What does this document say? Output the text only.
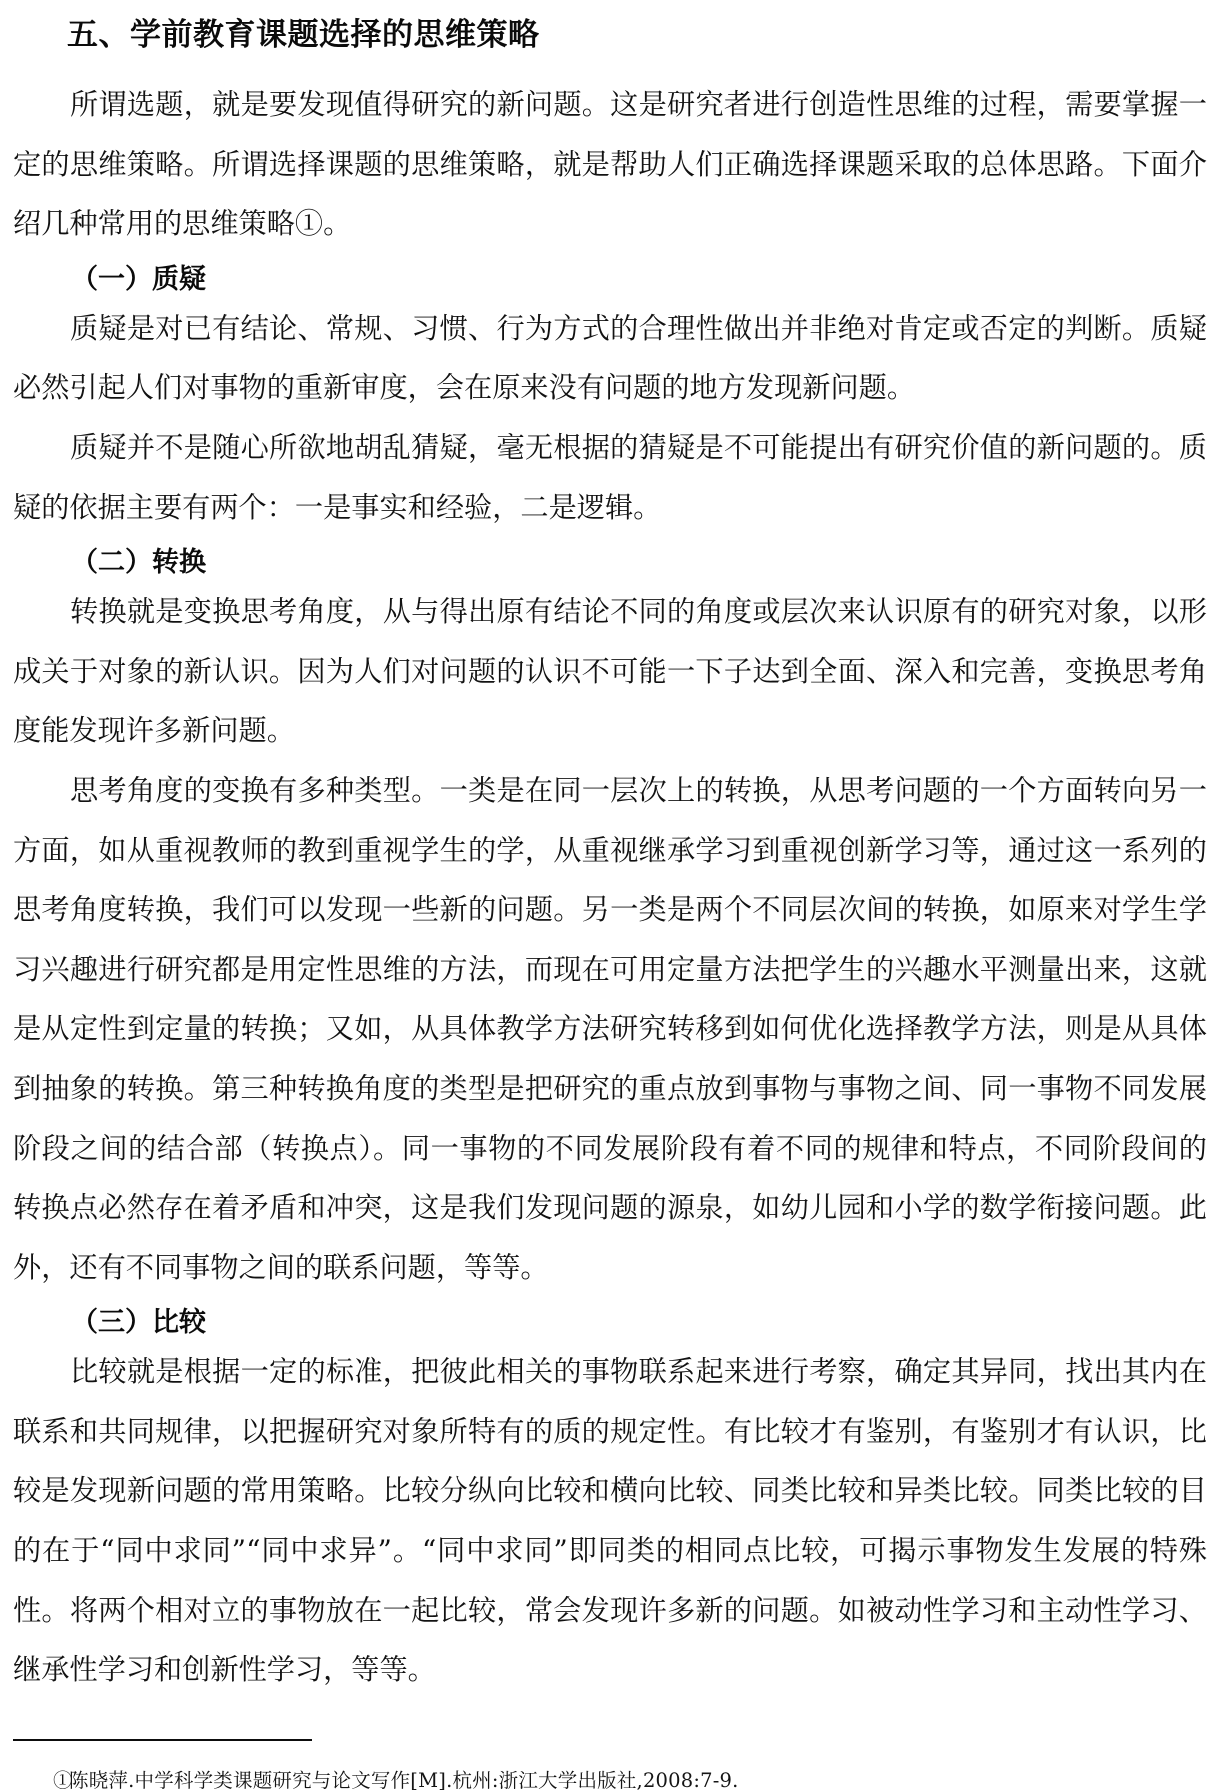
五、学前教育课题选择的思维策略

所谓选题，就是要发现值得研究的新问题。这是研究者进行创造性思维的过程，需要掌握一定的思维策略。所谓选择课题的思维策略，就是帮助人们正确选择课题采取的总体思路。下面介绍几种常用的思维策略①。

（一）质疑

质疑是对已有结论、常规、习惯、行为方式的合理性做出并非绝对肯定或否定的判断。质疑必然引起人们对事物的重新审度，会在原来没有问题的地方发现新问题。

质疑并不是随心所欲地胡乱猜疑，毫无根据的猜疑是不可能提出有研究价值的新问题的。质疑的依据主要有两个：一是事实和经验，二是逻辑。

（二）转换

转换就是变换思考角度，从与得出原有结论不同的角度或层次来认识原有的研究对象，以形成关于对象的新认识。因为人们对问题的认识不可能一下子达到全面、深入和完善，变换思考角度能发现许多新问题。

思考角度的变换有多种类型。一类是在同一层次上的转换，从思考问题的一个方面转向另一方面，如从重视教师的教到重视学生的学，从重视继承学习到重视创新学习等，通过这一系列的思考角度转换，我们可以发现一些新的问题。另一类是两个不同层次间的转换，如原来对学生学习兴趣进行研究都是用定性思维的方法，而现在可用定量方法把学生的兴趣水平测量出来，这就是从定性到定量的转换；又如，从具体教学方法研究转移到如何优化选择教学方法，则是从具体到抽象的转换。第三种转换角度的类型是把研究的重点放到事物与事物之间、同一事物不同发展阶段之间的结合部（转换点）。同一事物的不同发展阶段有着不同的规律和特点，不同阶段间的转换点必然存在着矛盾和冲突，这是我们发现问题的源泉，如幼儿园和小学的数学衔接问题。此外，还有不同事物之间的联系问题，等等。

（三）比较

比较就是根据一定的标准，把彼此相关的事物联系起来进行考察，确定其异同，找出其内在联系和共同规律，以把握研究对象所特有的质的规定性。有比较才有鉴别，有鉴别才有认识，比较是发现新问题的常用策略。比较分纵向比较和横向比较、同类比较和异类比较。同类比较的目的在于“同中求同”“同中求异”。“同中求同”即同类的相同点比较，可揭示事物发生发展的特殊性。将两个相对立的事物放在一起比较，常会发现许多新的问题。如被动性学习和主动性学习、继承性学习和创新性学习，等等。

①陈晓萍.中学科学类课题研究与论文写作[M].杭州:浙江大学出版社,2008:7-9.
